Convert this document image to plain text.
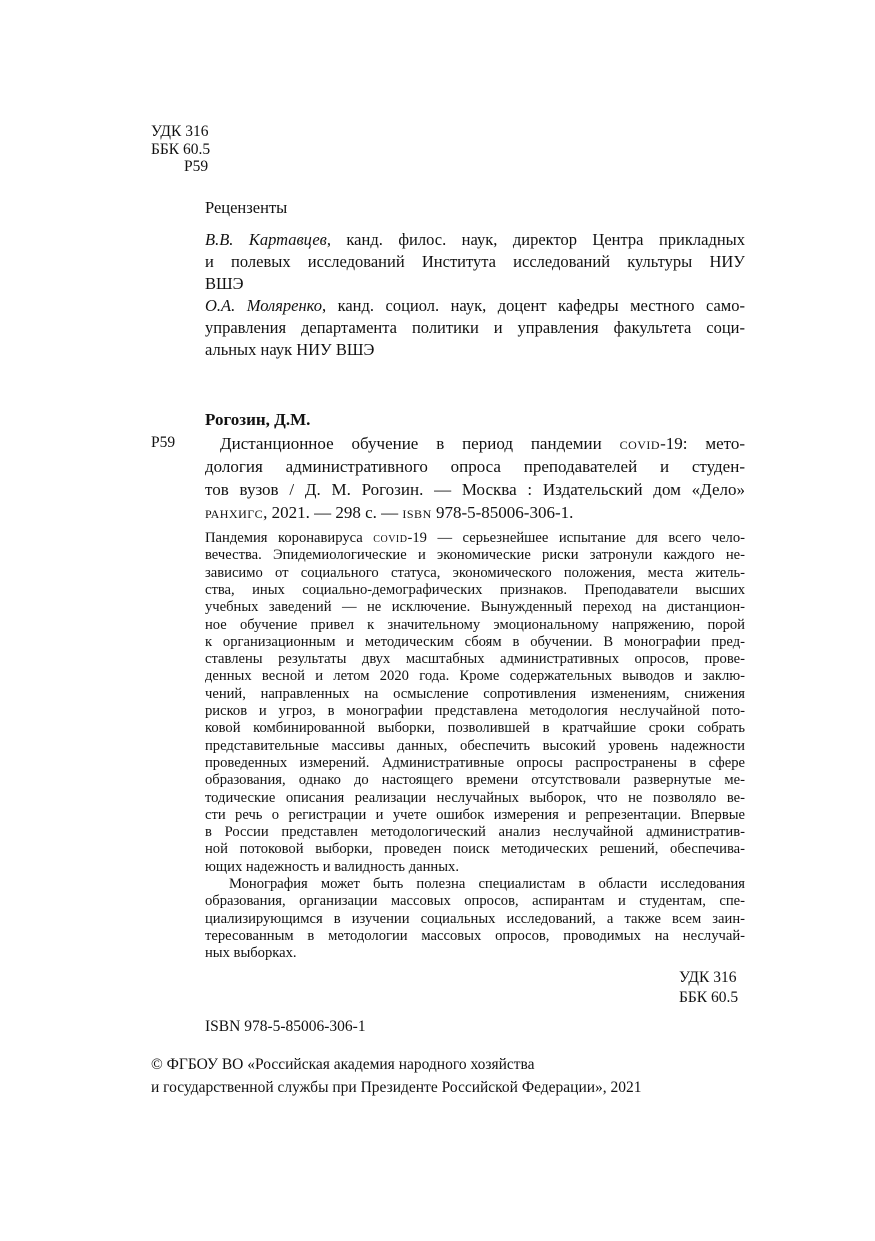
УДК 316
ББК 60.5
Р59
Рецензенты
В.В. Картавцев, канд. филос. наук, директор Центра прикладных
и полевых исследований Института исследований культуры НИУ
ВШЭ
О.А. Моляренко, канд. социол. наук, доцент кафедры местного само-
управления департамента политики и управления факультета соци-
альных наук НИУ ВШЭ
Рогозин, Д.М.
Р59	Дистанционное обучение в период пандемии covid-19: мето-
дология административного опроса преподавателей и студен-
тов вузов / Д. М. Рогозин. — Москва : Издательский дом «Дело»
ранхигс, 2021. — 298 с. — isbn 978-5-85006-306-1.
Пандемия коронавируса covid-19 — серьезнейшее испытание для всего чело-
вечества. Эпидемиологические и экономические риски затронули каждого не-
зависимо от социального статуса, экономического положения, места житель-
ства, иных социально-демографических признаков. Преподаватели высших
учебных заведений — не исключение. Вынужденный переход на дистанцион-
ное обучение привел к значительному эмоциональному напряжению, порой
к организационным и методическим сбоям в обучении. В монографии пред-
ставлены результаты двух масштабных административных опросов, прове-
денных весной и летом 2020 года. Кроме содержательных выводов и заклю-
чений, направленных на осмысление сопротивления изменениям, снижения
рисков и угроз, в монографии представлена методология неслучайной пото-
ковой комбинированной выборки, позволившей в кратчайшие сроки собрать
представительные массивы данных, обеспечить высокий уровень надежности
проведенных измерений. Административные опросы распространены в сфере
образования, однако до настоящего времени отсутствовали развернутые ме-
тодические описания реализации неслучайных выборок, что не позволяло ве-
сти речь о регистрации и учете ошибок измерения и репрезентации. Впервые
в России представлен методологический анализ неслучайной административ-
ной потоковой выборки, проведен поиск методических решений, обеспечива-
ющих надежность и валидность данных.
Монография может быть полезна специалистам в области исследования
образования, организации массовых опросов, аспирантам и студентам, спе-
циализирующимся в изучении социальных исследований, а также всем заин-
тересованным в методологии массовых опросов, проводимых на неслучай-
ных выборках.
УДК 316
ББК 60.5
ISBN 978-5-85006-306-1
© ФГБОУ ВО «Российская академия народного хозяйства
и государственной службы при Президенте Российской Федерации», 2021
